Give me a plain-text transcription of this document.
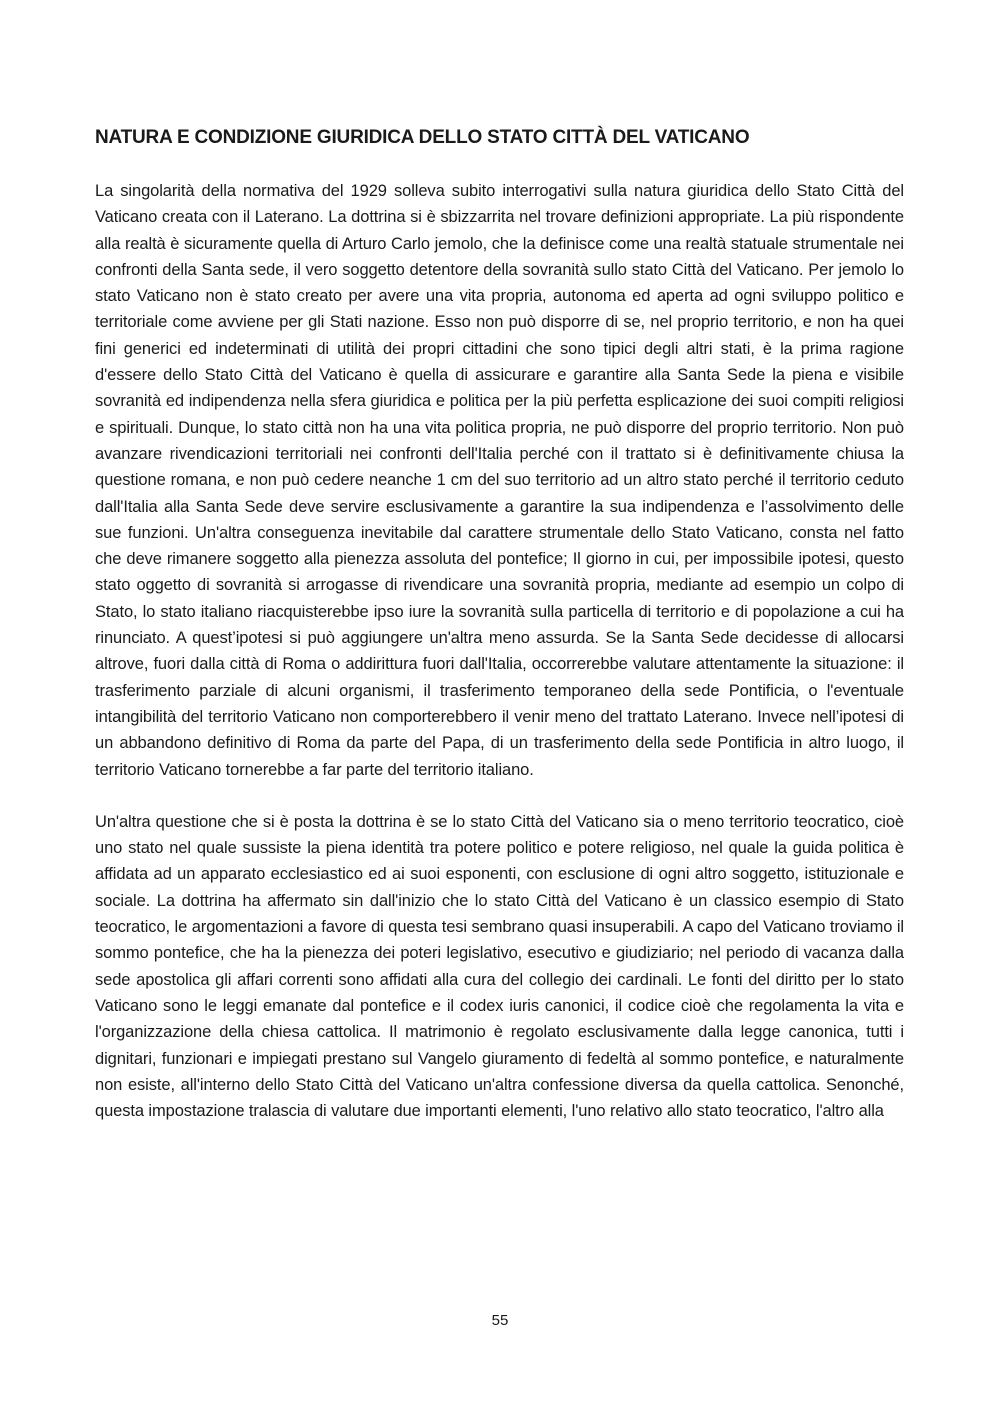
NATURA E CONDIZIONE GIURIDICA DELLO STATO CITTÀ DEL VATICANO

La singolarità della normativa del 1929 solleva subito interrogativi sulla natura giuridica dello Stato Città del Vaticano creata con il Laterano. La dottrina si è sbizzarrita nel trovare definizioni appropriate. La più rispondente alla realtà è sicuramente quella di Arturo Carlo jemolo, che la definisce come una realtà statuale strumentale nei confronti della Santa sede, il vero soggetto detentore della sovranità sullo stato Città del Vaticano. Per jemolo lo stato Vaticano non è stato creato per avere una vita propria, autonoma ed aperta ad ogni sviluppo politico e territoriale come avviene per gli Stati nazione. Esso non può disporre di se, nel proprio territorio, e non ha quei fini generici ed indeterminati di utilità dei propri cittadini che sono tipici degli altri stati, è la prima ragione d'essere dello Stato Città del Vaticano è quella di assicurare e garantire alla Santa Sede la piena e visibile sovranità ed indipendenza nella sfera giuridica e politica per la più perfetta esplicazione dei suoi compiti religiosi e spirituali. Dunque, lo stato città non ha una vita politica propria, ne può disporre del proprio territorio. Non può avanzare rivendicazioni territoriali nei confronti dell'Italia perché con il trattato si è definitivamente chiusa la questione romana, e non può cedere neanche 1 cm del suo territorio ad un altro stato perché il territorio ceduto dall'Italia alla Santa Sede deve servire esclusivamente a garantire la sua indipendenza e l’assolvimento delle sue funzioni. Un'altra conseguenza inevitabile dal carattere strumentale dello Stato Vaticano, consta nel fatto che deve rimanere soggetto alla pienezza assoluta del pontefice; Il giorno in cui, per impossibile ipotesi, questo stato oggetto di sovranità si arrogasse di rivendicare una sovranità propria, mediante ad esempio un colpo di Stato, lo stato italiano riacquisterebbe ipso iure la sovranità sulla particella di territorio e di popolazione a cui ha rinunciato. A quest’ipotesi si può aggiungere un'altra meno assurda. Se la Santa Sede decidesse di allocarsi altrove, fuori dalla città di Roma o addirittura fuori dall'Italia, occorrerebbe valutare attentamente la situazione: il trasferimento parziale di alcuni organismi, il trasferimento temporaneo della sede Pontificia, o l'eventuale intangibilità del territorio Vaticano non comporterebbero il venir meno del trattato Laterano. Invece nell’ipotesi di un abbandono definitivo di Roma da parte del Papa, di un trasferimento della sede Pontificia in altro luogo, il territorio Vaticano tornerebbe a far parte del territorio italiano.

Un'altra questione che si è posta la dottrina è se lo stato Città del Vaticano sia o meno territorio teocratico, cioè uno stato nel quale sussiste la piena identità tra potere politico e potere religioso, nel quale la guida politica è affidata ad un apparato ecclesiastico ed ai suoi esponenti, con esclusione di ogni altro soggetto, istituzionale e sociale. La dottrina ha affermato sin dall'inizio che lo stato Città del Vaticano è un classico esempio di Stato teocratico, le argomentazioni a favore di questa tesi sembrano quasi insuperabili. A capo del Vaticano troviamo il sommo pontefice, che ha la pienezza dei poteri legislativo, esecutivo e giudiziario; nel periodo di vacanza dalla sede apostolica gli affari correnti sono affidati alla cura del collegio dei cardinali. Le fonti del diritto per lo stato Vaticano sono le leggi emanate dal pontefice e il codex iuris canonici, il codice cioè che regolamenta la vita e l'organizzazione della chiesa cattolica. Il matrimonio è regolato esclusivamente dalla legge canonica, tutti i dignitari, funzionari e impiegati prestano sul Vangelo giuramento di fedeltà al sommo pontefice, e naturalmente non esiste, all'interno dello Stato Città del Vaticano un'altra confessione diversa da quella cattolica. Senonché, questa impostazione tralascia di valutare due importanti elementi, l'uno relativo allo stato teocratico, l'altro alla

55
